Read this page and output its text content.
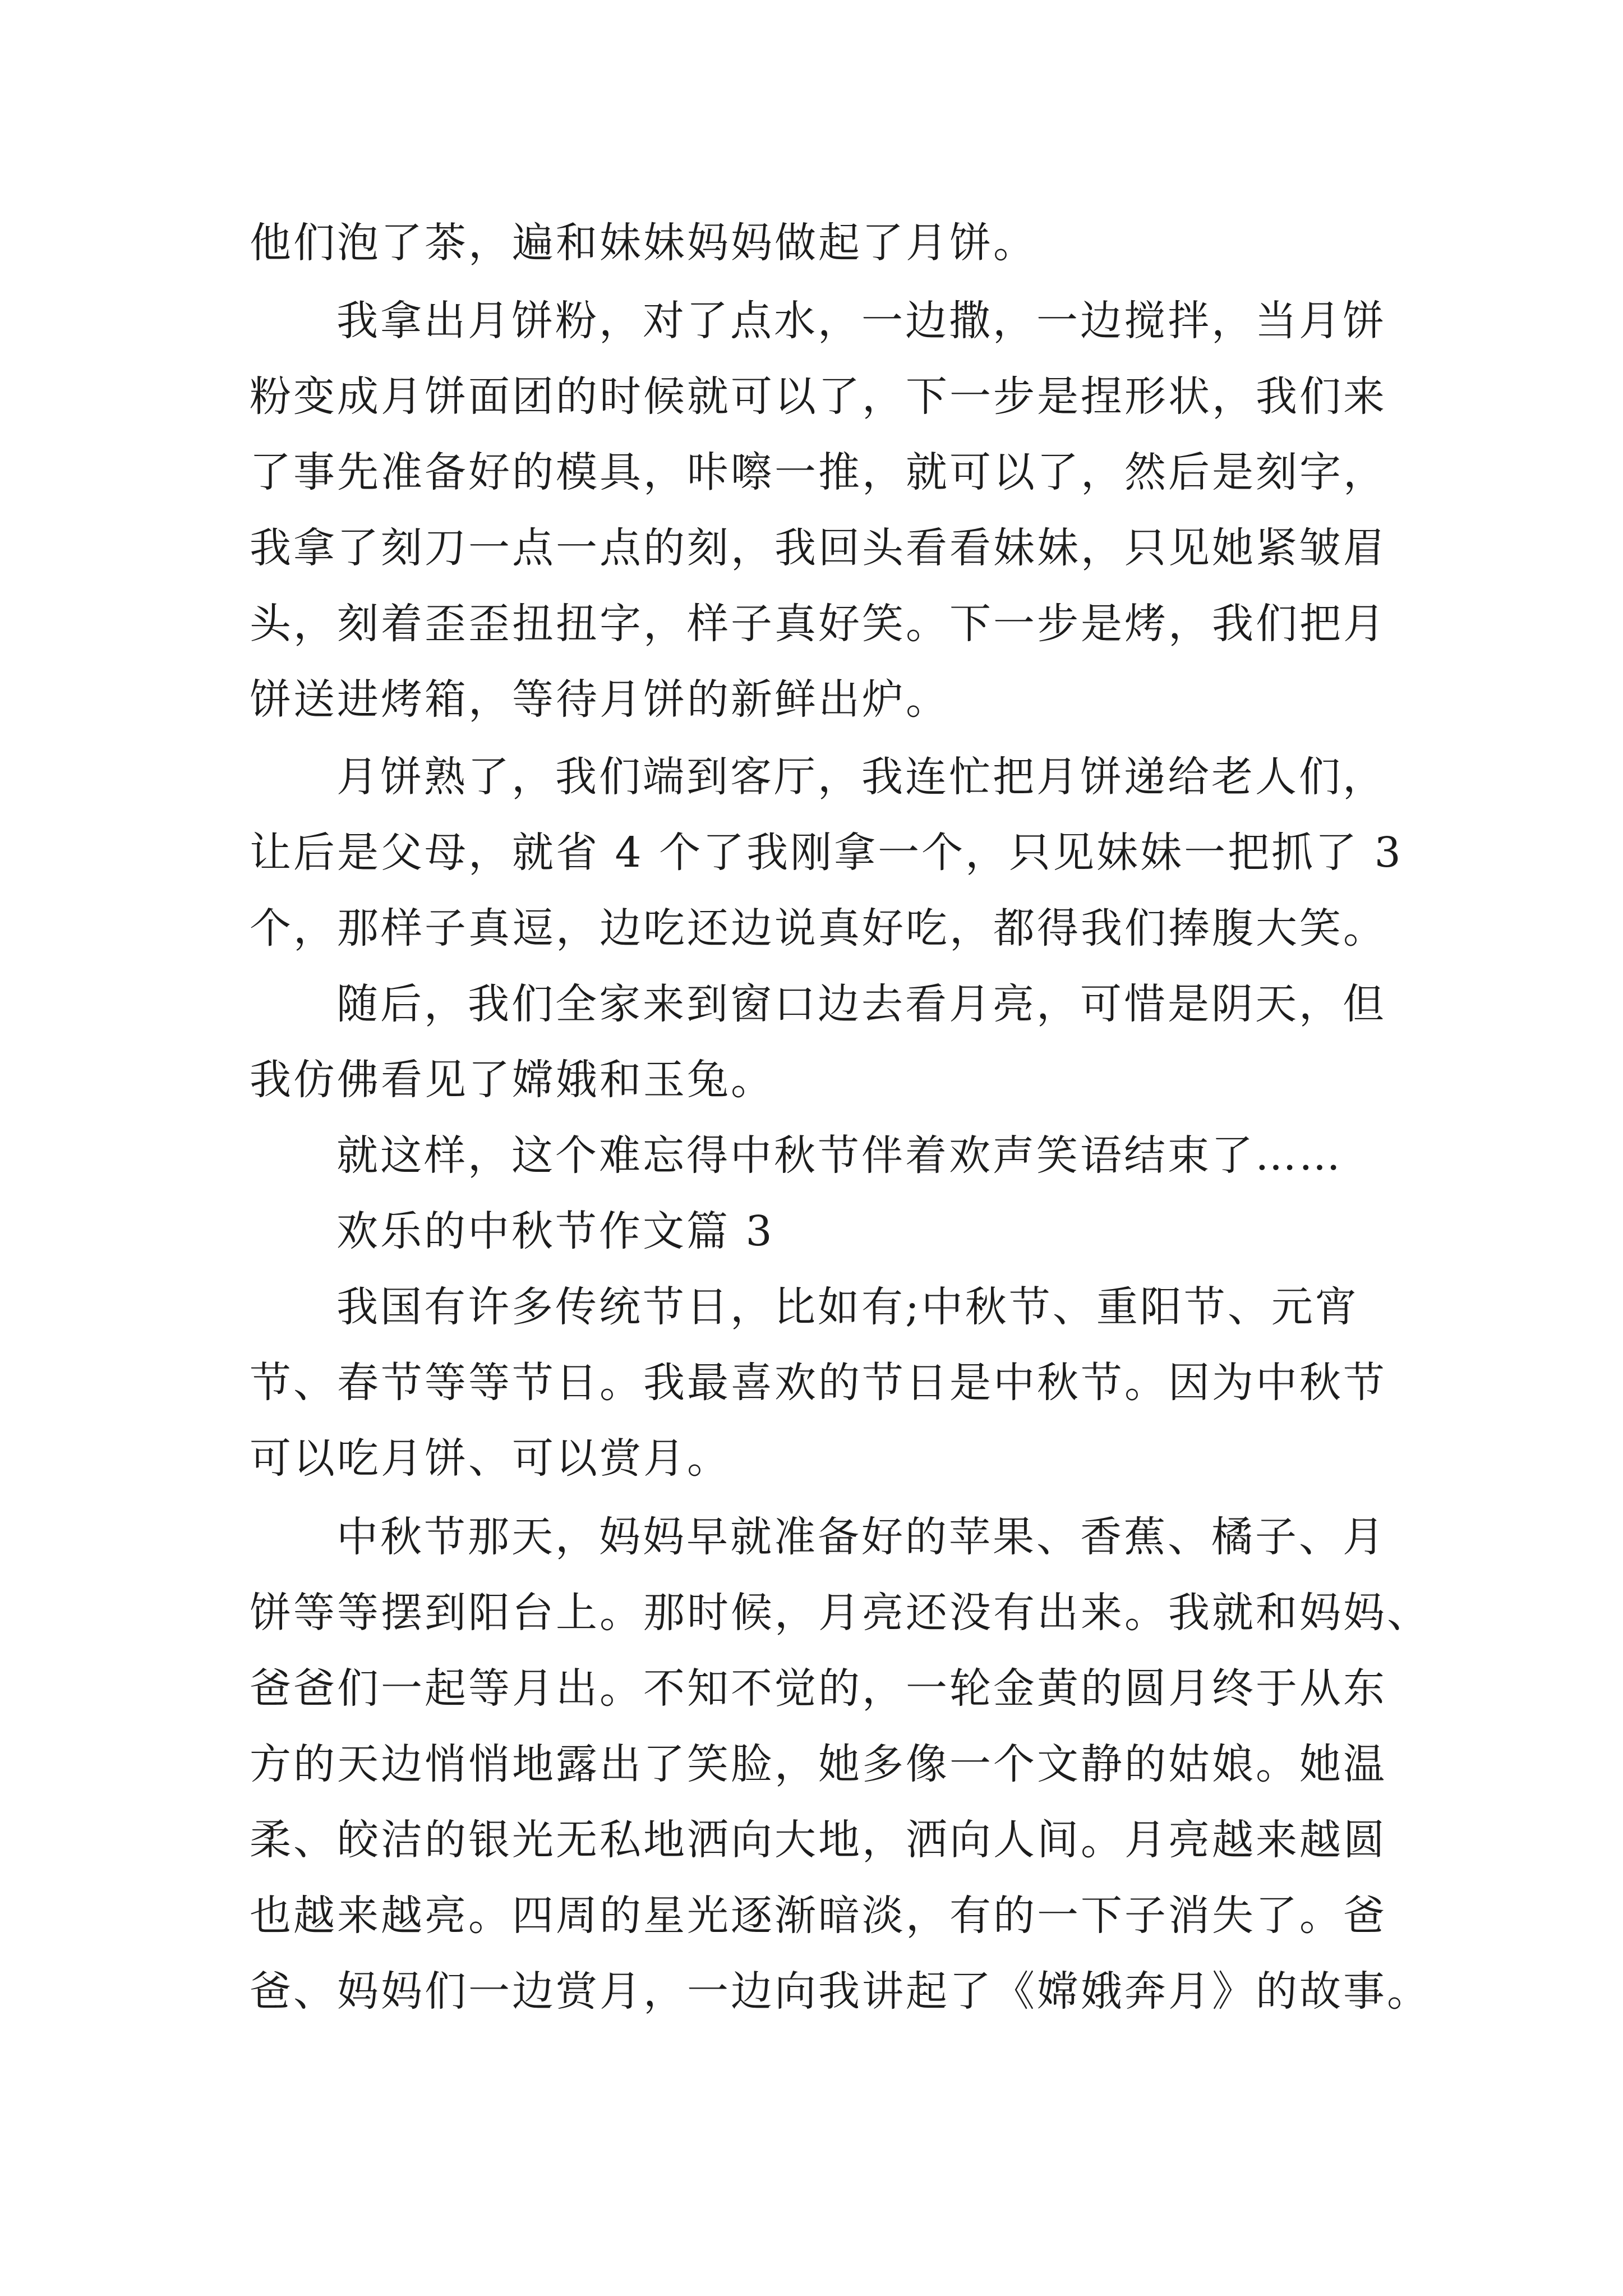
他们泡了茶，遍和妹妹妈妈做起了月饼。
我拿出月饼粉，对了点水，一边撒，一边搅拌，当月饼
粉变成月饼面团的时候就可以了，下一步是捏形状，我们来
了事先准备好的模具，咔嚓一推，就可以了，然后是刻字，
我拿了刻刀一点一点的刻，我回头看看妹妹，只见她紧皱眉
头，刻着歪歪扭扭字，样子真好笑。下一步是烤，我们把月
饼送进烤箱，等待月饼的新鲜出炉。
月饼熟了，我们端到客厅，我连忙把月饼递给老人们，
让后是父母，就省 4 个了我刚拿一个，只见妹妹一把抓了 3
个，那样子真逗，边吃还边说真好吃，都得我们捧腹大笑。
随后，我们全家来到窗口边去看月亮，可惜是阴天，但
我仿佛看见了嫦娥和玉兔。
就这样，这个难忘得中秋节伴着欢声笑语结束了……
欢乐的中秋节作文篇 3
我国有许多传统节日，比如有;中秋节、重阳节、元宵
节、春节等等节日。我最喜欢的节日是中秋节。因为中秋节
可以吃月饼、可以赏月。
中秋节那天，妈妈早就准备好的苹果、香蕉、橘子、月
饼等等摆到阳台上。那时候，月亮还没有出来。我就和妈妈、
爸爸们一起等月出。不知不觉的，一轮金黄的圆月终于从东
方的天边悄悄地露出了笑脸，她多像一个文静的姑娘。她温
柔、皎洁的银光无私地洒向大地，洒向人间。月亮越来越圆
也越来越亮。四周的星光逐渐暗淡，有的一下子消失了。爸
爸、妈妈们一边赏月，一边向我讲起了《嫦娥奔月》的故事。
